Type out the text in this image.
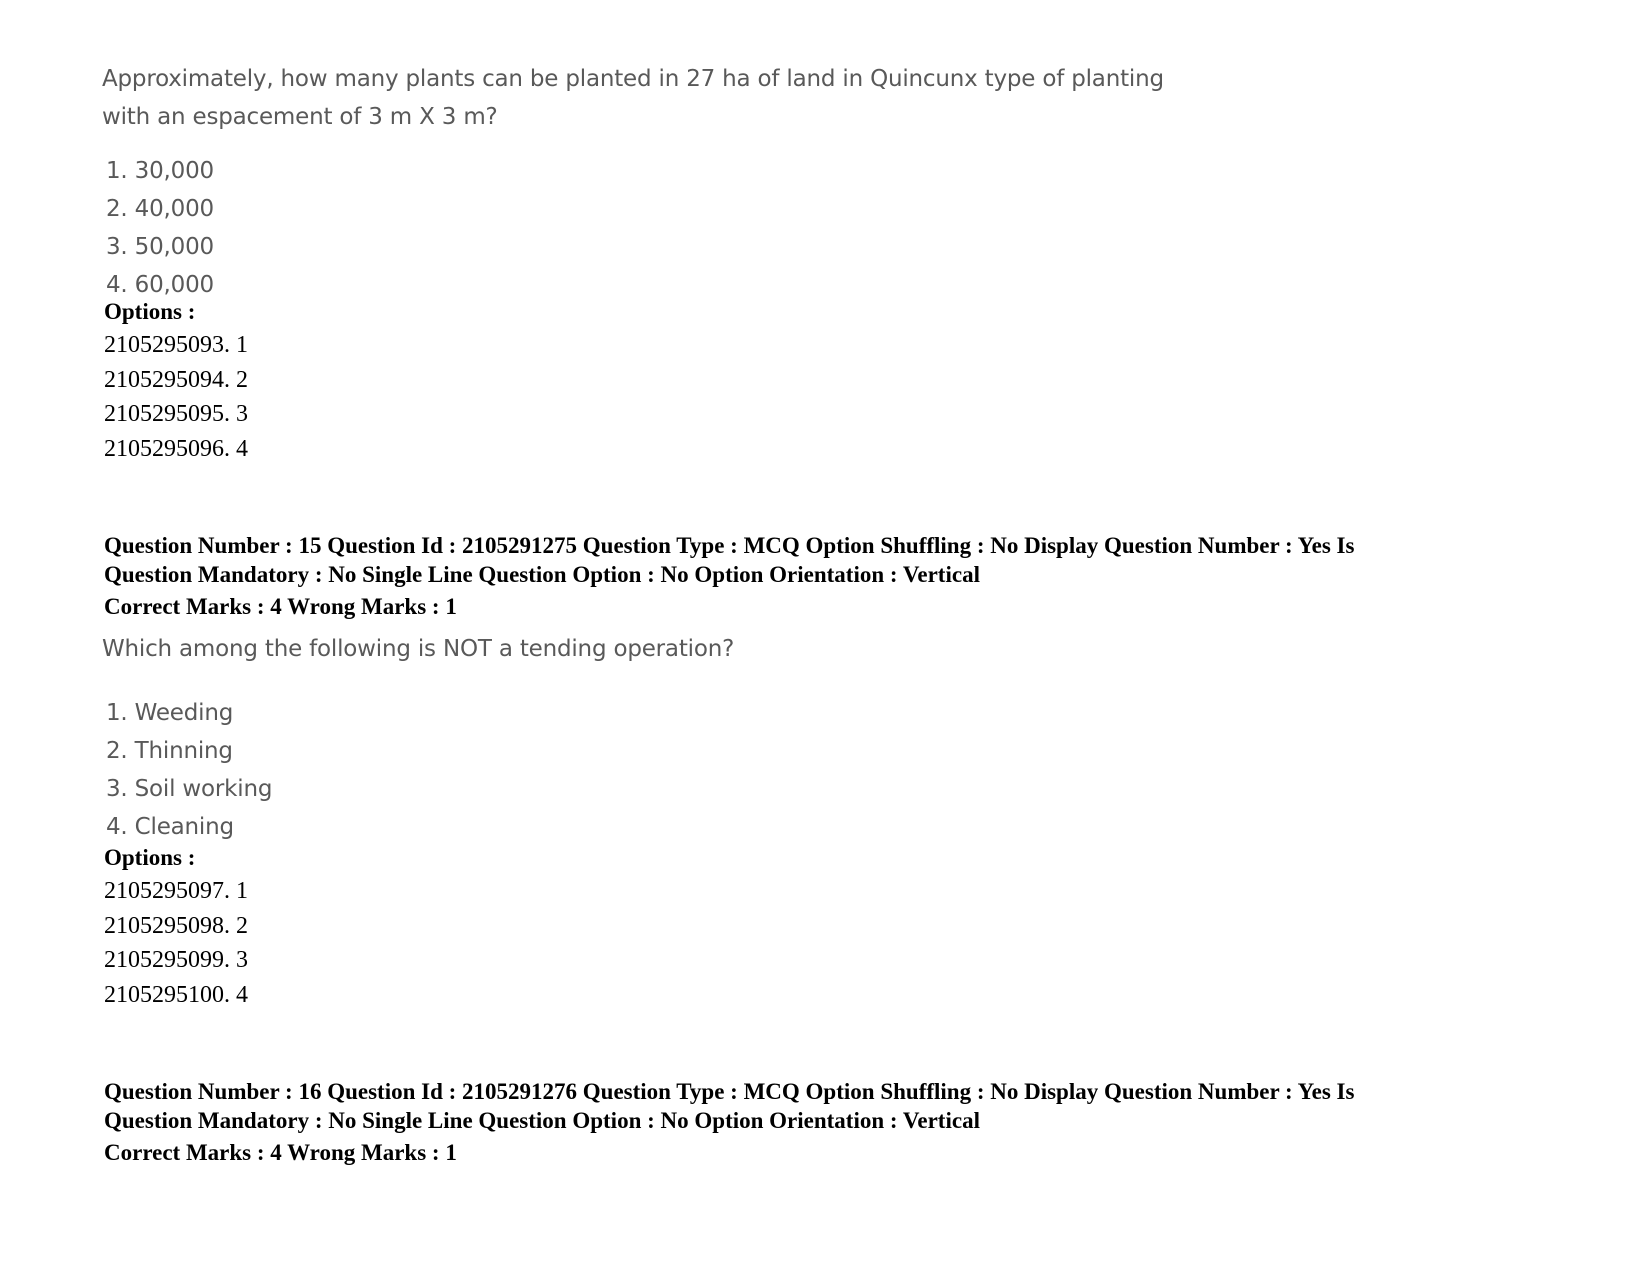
Approximately, how many plants can be planted in 27 ha of land in Quincunx type of planting
with an espacement of 3 m X 3 m?
1. 30,000
2. 40,000
3. 50,000
4. 60,000
Options :
2105295093. 1
2105295094. 2
2105295095. 3
2105295096. 4
Question Number : 15 Question Id : 2105291275 Question Type : MCQ Option Shuffling : No Display Question Number : Yes Is
Question Mandatory : No Single Line Question Option : No Option Orientation : Vertical
Correct Marks : 4 Wrong Marks : 1
Which among the following is NOT a tending operation?
1. Weeding
2. Thinning
3. Soil working
4. Cleaning
Options :
2105295097. 1
2105295098. 2
2105295099. 3
2105295100. 4
Question Number : 16 Question Id : 2105291276 Question Type : MCQ Option Shuffling : No Display Question Number : Yes Is
Question Mandatory : No Single Line Question Option : No Option Orientation : Vertical
Correct Marks : 4 Wrong Marks : 1
